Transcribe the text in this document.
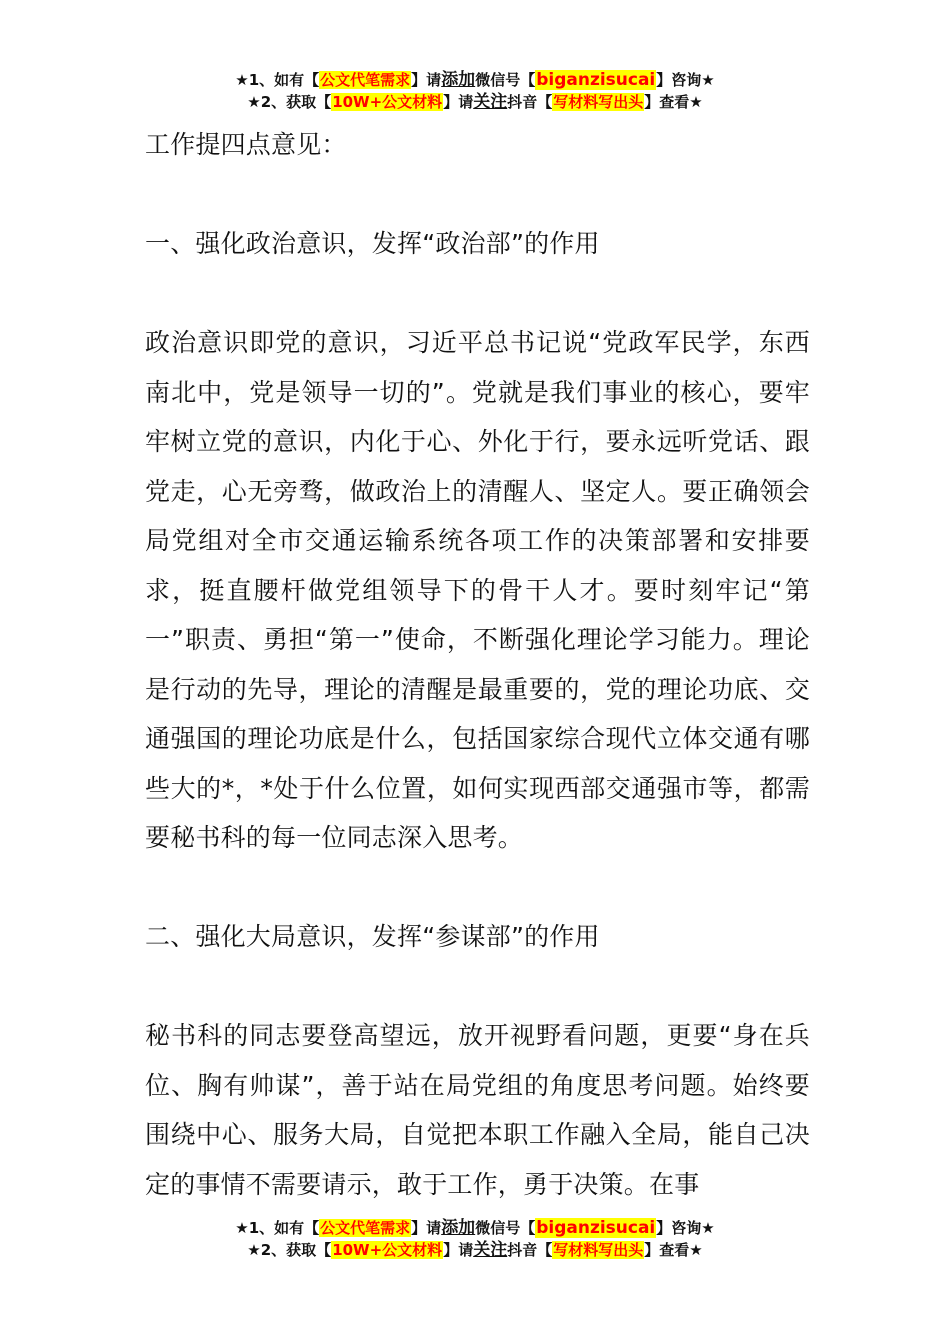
★1、如有【公文代笔需求】请添加微信号【biganzisucai】咨询★
★2、获取【10W+公文材料】请关注抖音【写材料写出头】查看★

工作提四点意见：

一、强化政治意识，发挥“政治部”的作用

政治意识即党的意识，习近平总书记说“党政军民学，东西南北中，党是领导一切的”。党就是我们事业的核心，要牢牢树立党的意识，内化于心、外化于行，要永远听党话、跟党走，心无旁骛，做政治上的清醒人、坚定人。要正确领会局党组对全市交通运输系统各项工作的决策部署和安排要求，挺直腰杆做党组领导下的骨干人才。要时刻牢记“第一”职责、勇担“第一”使命，不断强化理论学习能力。理论是行动的先导，理论的清醒是最重要的，党的理论功底、交通强国的理论功底是什么，包括国家综合现代立体交通有哪些大的*，*处于什么位置，如何实现西部交通强市等，都需要秘书科的每一位同志深入思考。

二、强化大局意识，发挥“参谋部”的作用

秘书科的同志要登高望远，放开视野看问题，更要“身在兵位、胸有帅谋”，善于站在局党组的角度思考问题。始终要围绕中心、服务大局，自觉把本职工作融入全局，能自己决定的事情不需要请示，敢于工作，勇于决策。在事

★1、如有【公文代笔需求】请添加微信号【biganzisucai】咨询★
★2、获取【10W+公文材料】请关注抖音【写材料写出头】查看★
